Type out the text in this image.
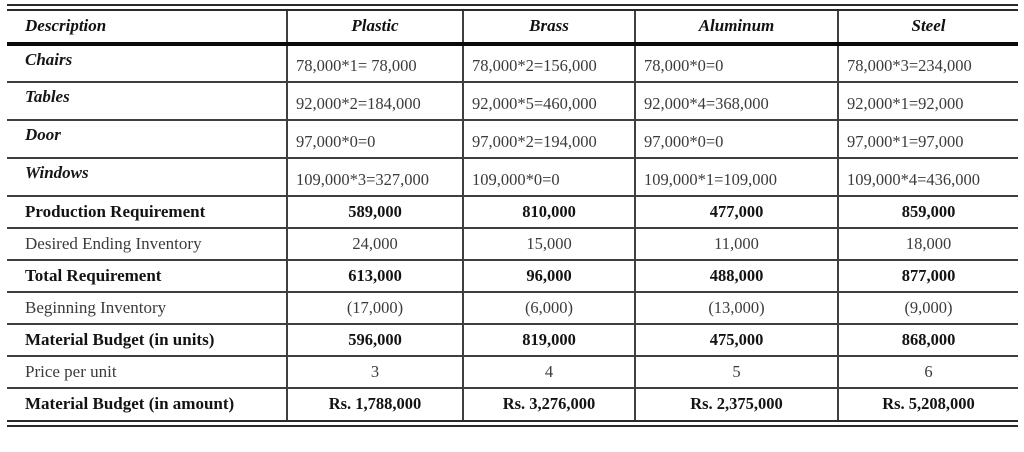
Description	Plastic	Brass	Aluminum	Steel
Chairs	78,000*1= 78,000	78,000*2=156,000	78,000*0=0	78,000*3=234,000
Tables	92,000*2=184,000	92,000*5=460,000	92,000*4=368,000	92,000*1=92,000
Door	97,000*0=0	97,000*2=194,000	97,000*0=0	97,000*1=97,000
Windows	109,000*3=327,000	109,000*0=0	109,000*1=109,000	109,000*4=436,000
Production Requirement	589,000	810,000	477,000	859,000
Desired Ending Inventory	24,000	15,000	11,000	18,000
Total Requirement	613,000	96,000	488,000	877,000
Beginning Inventory	(17,000)	(6,000)	(13,000)	(9,000)
Material Budget (in units)	596,000	819,000	475,000	868,000
Price per unit	3	4	5	6
Material Budget (in amount)	Rs. 1,788,000	Rs. 3,276,000	Rs. 2,375,000	Rs. 5,208,000
